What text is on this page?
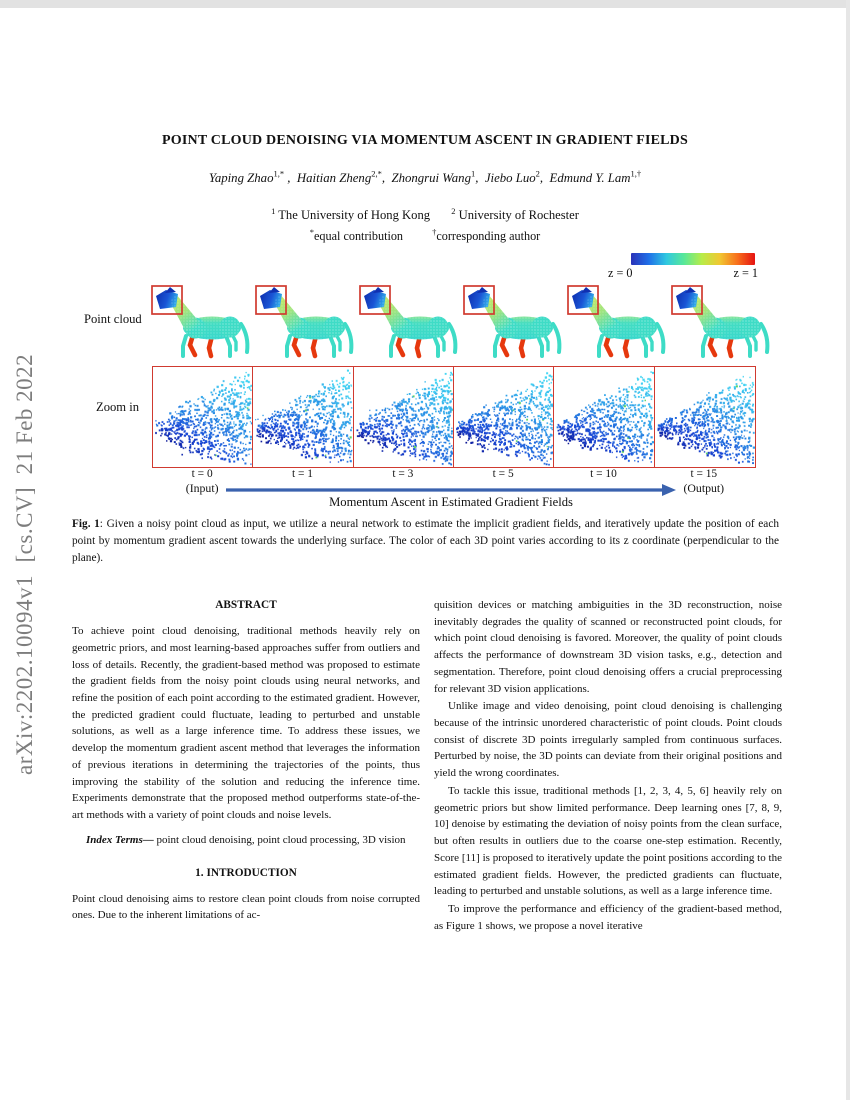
arXiv:2202.10094v1  [cs.CV]  21 Feb 2022
POINT CLOUD DENOISING VIA MOMENTUM ASCENT IN GRADIENT FIELDS
Yaping Zhao$^{1,*}$ ,  Haitian Zheng$^{2,*}$,  Zhongrui Wang$^1$,  Jiebo Luo$^2$,  Edmund Y. Lam$^{1,\dagger}$
$^1$ The University of Hong Kong $^2$ University of Rochester
*equal contribution	†corresponding author
z = 0	z = 1
Point cloud
Zoom in
t = 0
(Input)
t = 1	t = 3	t = 5	t = 10	t = 15
(Output)
Momentum Ascent in Estimated Gradient Fields
Fig. 1: Given a noisy point cloud as input, we utilize a neural network to estimate the implicit gradient fields, and iteratively update the position of each point by momentum gradient ascent towards the underlying surface. The color of each 3D point varies according to its z coordinate (perpendicular to the plane).
ABSTRACT

To achieve point cloud denoising, traditional methods heavily rely on geometric priors, and most learning-based approaches suffer from outliers and loss of details. Recently, the gradient-based method was proposed to estimate the gradient fields from the noisy point clouds using neural networks, and refine the position of each point according to the estimated gradient. However, the predicted gradient could fluctuate, leading to perturbed and unstable solutions, as well as a large inference time. To address these issues, we develop the momentum gradient ascent method that leverages the information of previous iterations in determining the trajectories of the points, thus improving the stability of the solution and reducing the inference time. Experiments demonstrate that the proposed method outperforms state-of-the-art methods with a variety of point clouds and noise levels.

Index Terms— point cloud denoising, point cloud processing, 3D vision

1. INTRODUCTION

Point cloud denoising aims to restore clean point clouds from noise corrupted ones. Due to the inherent limitations of ac-

quisition devices or matching ambiguities in the 3D reconstruction, noise inevitably degrades the quality of scanned or reconstructed point clouds, for which point cloud denoising is favored. Moreover, the quality of point clouds affects the performance of downstream 3D vision tasks, e.g., detection and segmentation. Therefore, point cloud denoising offers a crucial preprocessing for relevant 3D vision applications.

Unlike image and video denoising, point cloud denoising is challenging because of the intrinsic unordered characteristic of point clouds. Point clouds consist of discrete 3D points irregularly sampled from continuous surfaces. Perturbed by noise, the 3D points can deviate from their original positions and yield the wrong coordinates.

To tackle this issue, traditional methods [1, 2, 3, 4, 5, 6] heavily rely on geometric priors but show limited performance. Deep learning ones [7, 8, 9, 10] denoise by estimating the deviation of noisy points from the clean surface, but often results in outliers due to the coarse one-step estimation. Recently, Score [11] is proposed to iteratively update the point positions according to the estimated gradient fields. However, the predicted gradients can fluctuate, leading to perturbed and unstable solutions, as well as a large inference time.

To improve the performance and efficiency of the gradient-based method, as Figure 1 shows, we propose a novel iterative
